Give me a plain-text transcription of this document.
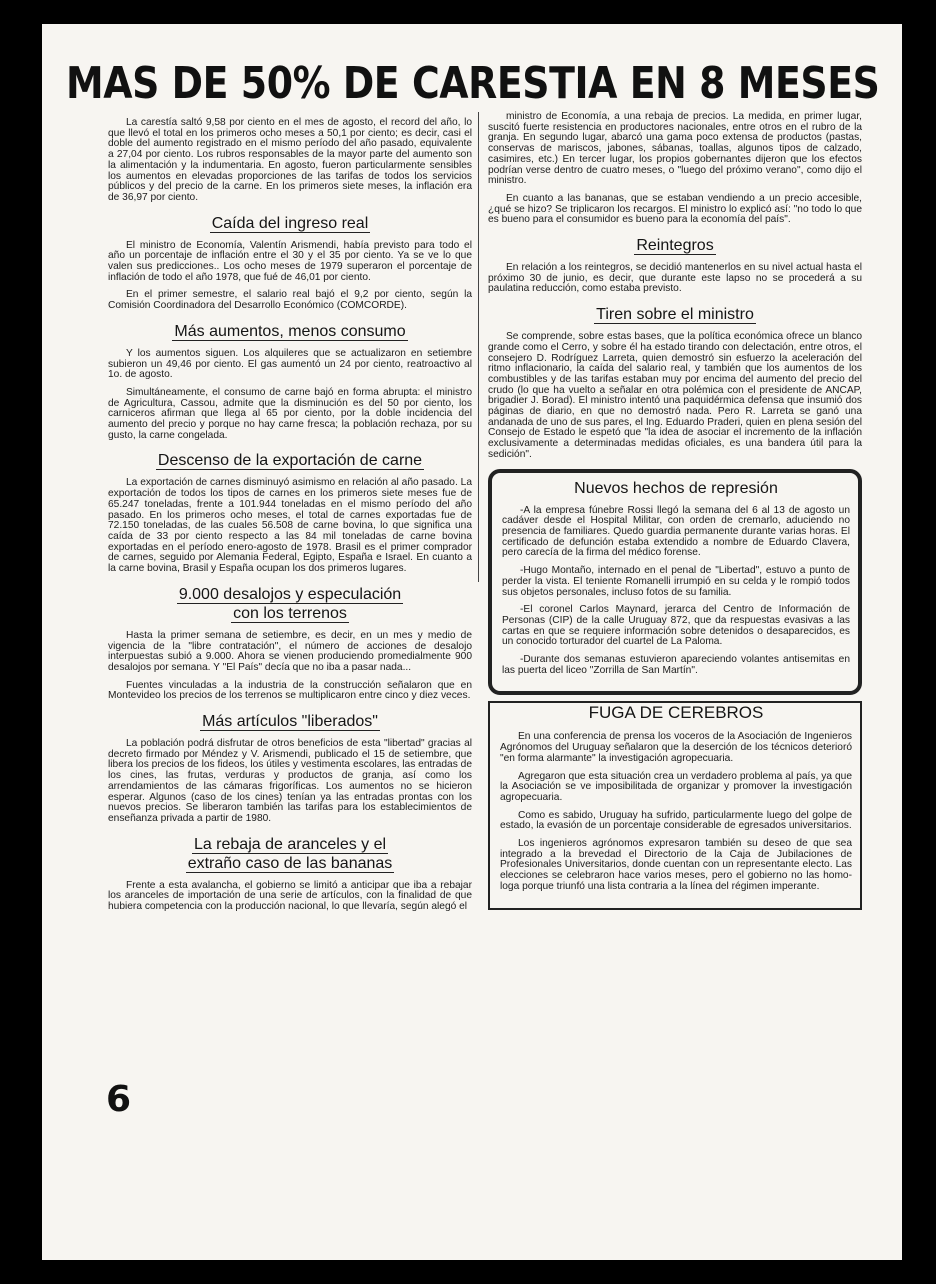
MAS DE 50% DE CARESTIA EN 8 MESES

La carestía saltó 9,58 por ciento en el mes de agosto, el record del año, lo que llevó el total en los primeros ocho meses a 50,1 por ciento; es decir, casi el doble del aumento registrado en el mismo período del año pasado, equivalente a 27,04 por ciento. Los rubros responsables de la mayor parte del aumento son la alimentación y la indumentaria. En agosto, fueron particularmente sensibles los aumentos en elevadas proporciones de las tarifas de todos los servicios públicos y del precio de la carne. En los primeros siete meses, la inflación era de 36,97 por ciento.

Caída del ingreso real

El ministro de Economía, Valentín Arismendi, había previsto para todo el año un porcentaje de inflación entre el 30 y el 35 por ciento. Ya se ve lo que valen sus predicciones.. Los ocho meses de 1979 superaron el porcentaje de inflación de todo el año 1978, que fué de 46,01 por ciento.

En el primer semestre, el salario real bajó el 9,2 por ciento, según la Comisión Coordinadora del Desarrollo Económico (COMCORDE).

Más aumentos, menos consumo

Y los aumentos siguen. Los alquileres que se actualizaron en setiembre subieron un 49,46 por ciento. El gas aumentó un 24 por ciento, reatroactivo al 1o. de agosto.

Simultáneamente, el consumo de carne bajó en forma abrupta: el ministro de Agricultura, Cassou, admite que la disminución es del 50 por ciento, los carniceros afirman que llega al 65 por ciento, por la doble incidencia del aumento del precio y porque no hay carne fresca; la población rechaza, por su gusto, la carne congelada.

Descenso de la exportación de carne

La exportación de carnes disminuyó asimismo en relación al año pasado. La exportación de todos los tipos de carnes en los primeros siete meses fue de 65.247 toneladas, frente a 101.944 toneladas en el mismo período del año pasado. En los primeros ocho meses, el total de carnes exportadas fue de 72.150 toneladas, de las cuales 56.508 de carne bovina, lo que significa una caída de 33 por ciento respecto a las 84 mil toneladas de carne bovina exportadas en el período enero-agosto de 1978. Brasil es el primer comprador de carnes, seguido por Alemania Federal, Egipto, España e Israel. En cuanto a la carne bovina, Brasil y España ocupan los dos primeros lugares.

9.000 desalojos y especulación
con los terrenos

Hasta la primer semana de setiembre, es decir, en un mes y medio de vigencia de la "libre contratación", el número de acciones de desalojo interpuestas subió a 9.000. Ahora se vienen produciendo promedialmente 900 desalojos por semana. Y "El País" decía que no iba a pasar nada...

Fuentes vinculadas a la industria de la construcción señalaron que en Montevideo los precios de los terrenos se multiplicaron entre cinco y diez veces.

Más artículos "liberados"

La población podrá disfrutar de otros beneficios de esta "libertad" gracias al decreto firmado por Méndez y V. Arismendi, publicado el 15 de setiembre, que libera los precios de los fideos, los útiles y vestimenta escolares, las entradas de los cines, las frutas, verduras y productos de granja, así como los arrendamientos de las cámaras frigoríficas. Los aumentos no se hicieron esperar. Algunos (caso de los cines) tenían ya las entradas prontas con los nuevos precios. Se liberaron también las tarifas para los establecimientos de enseñanza privada a partir de 1980.

La rebaja de aranceles y el
extraño caso de las bananas

Frente a esta avalancha, el gobierno se limitó a anticipar que iba a rebajar los aranceles de importación de una serie de artículos, con la finalidad de que hubiera competencia con la producción nacional, lo que llevaría, según alegó el

ministro de Economía, a una rebaja de precios. La medida, en primer lugar, suscitó fuerte resistencia en productores nacionales, entre otros en el rubro de la granja. En segundo lugar, abarcó una gama poco extensa de productos (pastas, conservas de mariscos, jabones, sábanas, toallas, algunos tipos de calzado, casimires, etc.) En tercer lugar, los propios gobernantes dijeron que los efectos podrían verse dentro de cuatro meses, o "luego del próximo verano", como dijo el ministro.

En cuanto a las bananas, que se estaban vendiendo a un precio accesible, ¿qué se hizo? Se triplicaron los recargos. El ministro lo explicó así: "no todo lo que es bueno para el consumidor es bueno para la economía del país".

Reintegros

En relación a los reintegros, se decidió mantenerlos en su nivel actual hasta el próximo 30 de junio, es decir, que durante este lapso no se procederá a su paulatina reducción, como estaba previsto.

Tiren sobre el ministro

Se comprende, sobre estas bases, que la política económica ofrece un blanco grande como el Cerro, y sobre él ha estado tirando con delectación, entre otros, el consejero D. Rodríguez Larreta, quien demostró sin esfuerzo la aceleración del ritmo inflacionario, la caída del salario real, y también que los aumentos de los combustibles y de las tarifas estaban muy por encima del aumento del precio del crudo (lo que ha vuelto a señalar en otra polémica con el presidente de ANCAP, brigadier J. Borad). El ministro intentó una paquidérmica defensa que insumió dos páginas de diario, en que no demostró nada. Pero R. Larreta se ganó una andanada de uno de sus pares, el Ing. Eduardo Praderi, quien en plena sesión del Consejo de Estado le espetó que "la idea de asociar el incremento de la inflación exclusivamente a determinadas medidas oficiales, es una bandera útil para la sedición".

Nuevos hechos de represión

-A la empresa fúnebre Rossi llegó la semana del 6 al 13 de agosto un cadáver desde el Hospital Militar, con orden de cremarlo, aduciendo no presencia de familiares. Quedo guardia permanente durante varias horas. El certificado de defunción estaba extendido a nombre de Eduardo Clavera, pero carecía de la firma del médico forense.

-Hugo Montaño, internado en el penal de "Libertad", estuvo a punto de perder la vista. El teniente Romanelli irrumpió en su celda y le rompió todos sus objetos personales, incluso fotos de su familia.

-El coronel Carlos Maynard, jerarca del Centro de Información de Personas (CIP) de la calle Uruguay 872, que da respuestas evasivas a las cartas en que se requiere información sobre detenidos o desaparecidos, es un conocido torturador del cuartel de La Paloma.

-Durante dos semanas estuvieron apareciendo volantes antisemitas en las puerta del liceo "Zorrilla de San Martín".

FUGA DE CEREBROS

En una conferencia de prensa los voceros de la Asociación de Ingenieros Agrónomos del Uruguay señalaron que la deserción de los técnicos deterioró "en forma alarmante" la investigación agropecuaria.

Agregaron que esta situación crea un verdadero problema al país, ya que la Asociación se ve imposibilitada de organizar y promover la investigación agropecuaria.

Como es sabido, Uruguay ha sufrido, particularmente luego del golpe de estado, la evasión de un porcentaje considerable de egresados universitarios.

Los ingenieros agrónomos expresaron también su deseo de que sea integrado a la brevedad el Directorio de la Caja de Jubilaciones de Profesionales Universitarios, donde cuentan con un representante electo. Las elecciones se celebraron hace varios meses, pero el gobierno no las homologa porque triunfó una lista contraria a la línea del régimen imperante.

6
